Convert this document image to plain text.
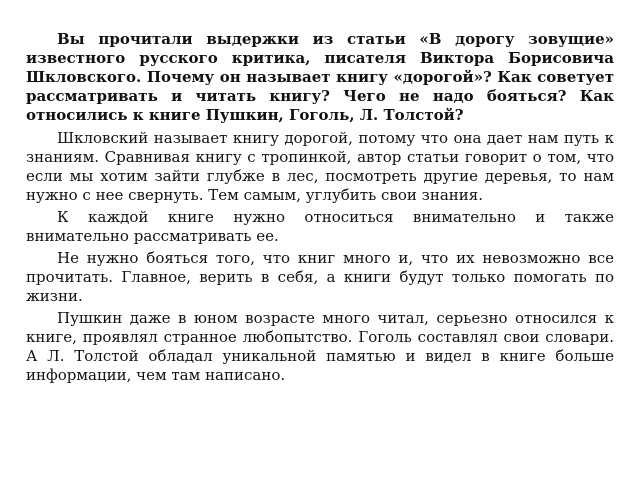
Вы прочитали выдержки из статьи «В дорогу зовущие» известного русского критика, писателя Виктора Борисовича Шкловского. Почему он называет книгу «дорогой»? Как советует рассматривать и читать книгу? Чего не надо бояться? Как относились к книге Пушкин, Гоголь, Л. Толстой?

Шкловский называет книгу дорогой, потому что она дает нам путь к знаниям. Сравнивая книгу с тропинкой, автор статьи говорит о том, что если мы хотим зайти глубже в лес, посмотреть другие деревья, то нам нужно с нее свернуть. Тем самым, углубить свои знания.

К каждой книге нужно относиться внимательно и также внимательно рассматривать ее.

Не нужно бояться того, что книг много и, что их невозможно все прочитать. Главное, верить в себя, а книги будут только помогать по жизни.

Пушкин даже в юном возрасте много читал, серьезно относился к книге, проявлял странное любопытство. Гоголь составлял свои словари. А Л. Толстой обладал уникальной памятью и видел в книге больше информации, чем там написано.
